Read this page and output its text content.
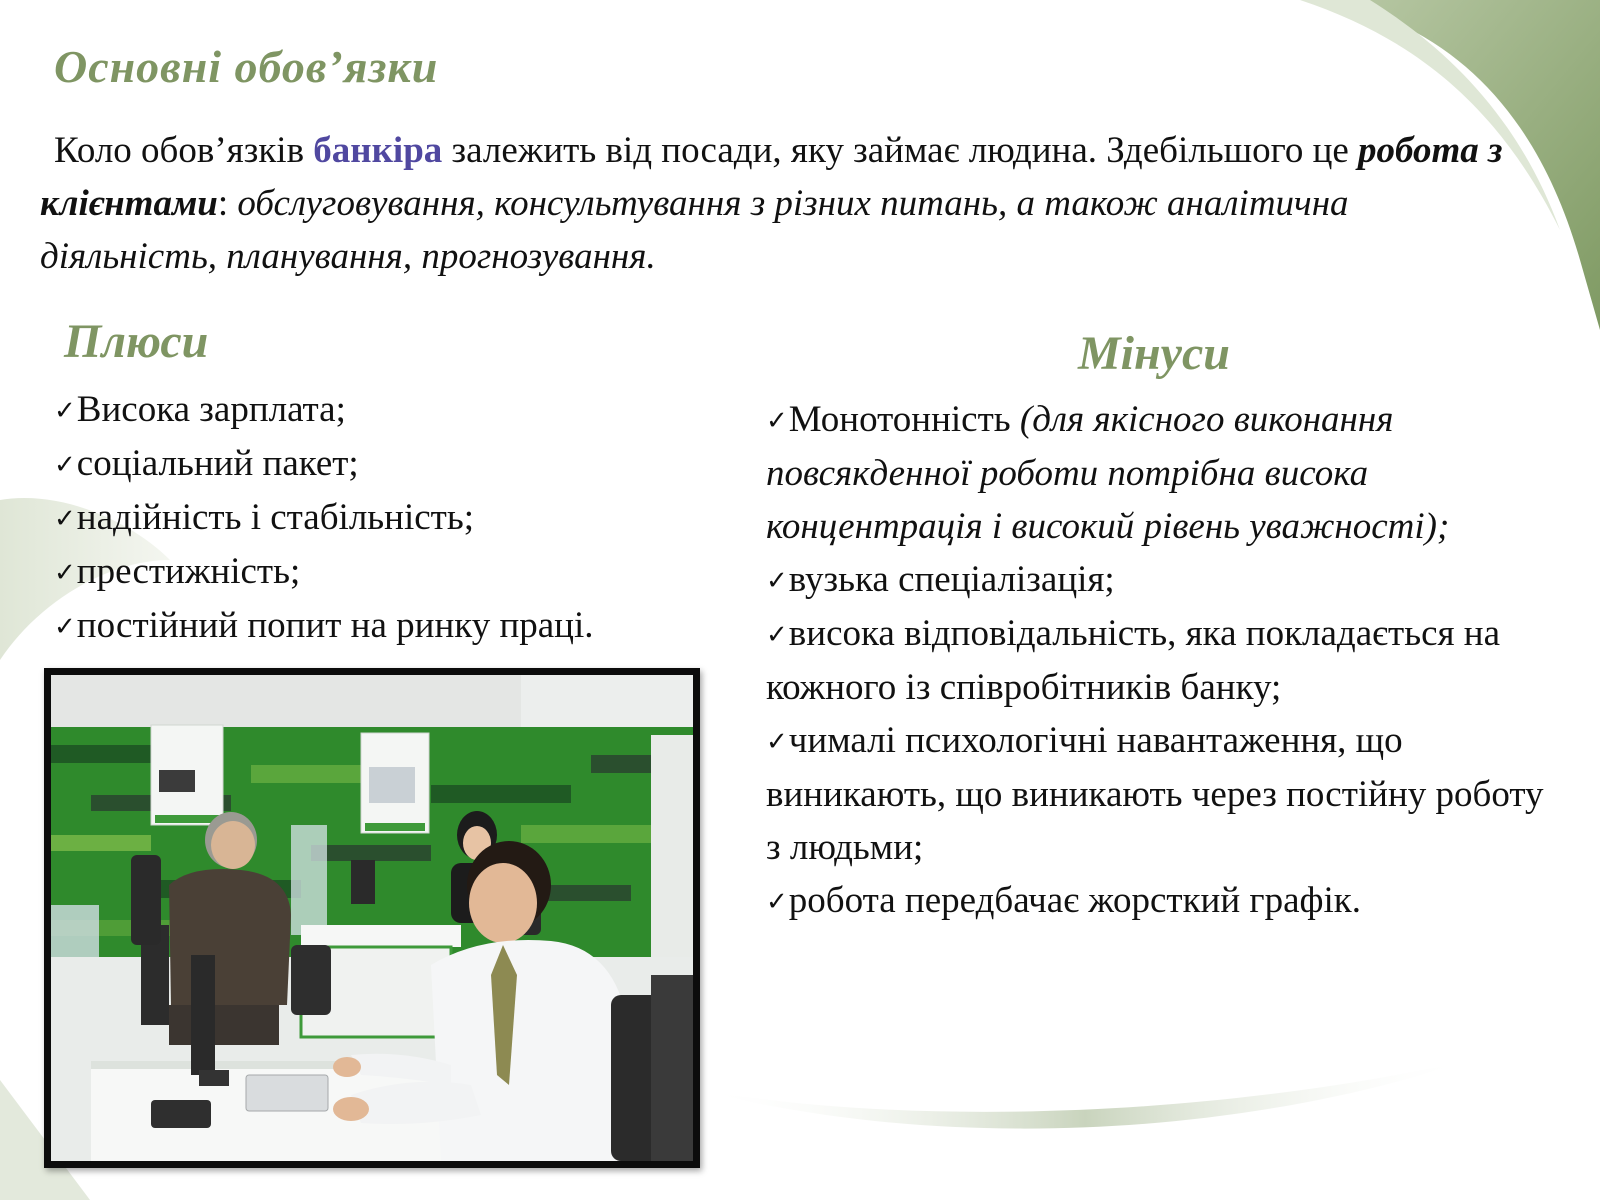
Основні обов’язки

Коло обов’язків банкіра залежить від посади, яку займає людина. Здебільшого це робота з клієнтами: обслуговування, консультування з різних питань, а також аналітична діяльність, планування, прогнозування.

Плюси
✓Висока зарплата;
✓соціальний пакет;
✓надійність і стабільність;
✓престижність;
✓постійний попит на ринку праці.
Мінуси
✓Монотонність (для якісного виконання повсякденної роботи потрібна висока концентрація і високий рівень уважності);
✓вузька спеціалізація;
✓висока відповідальність, яка покладається на кожного із співробітників банку;
✓чималі психологічні навантаження, що виникають, що виникають через постійну роботу з людьми;
✓робота передбачає жорсткий графік.
